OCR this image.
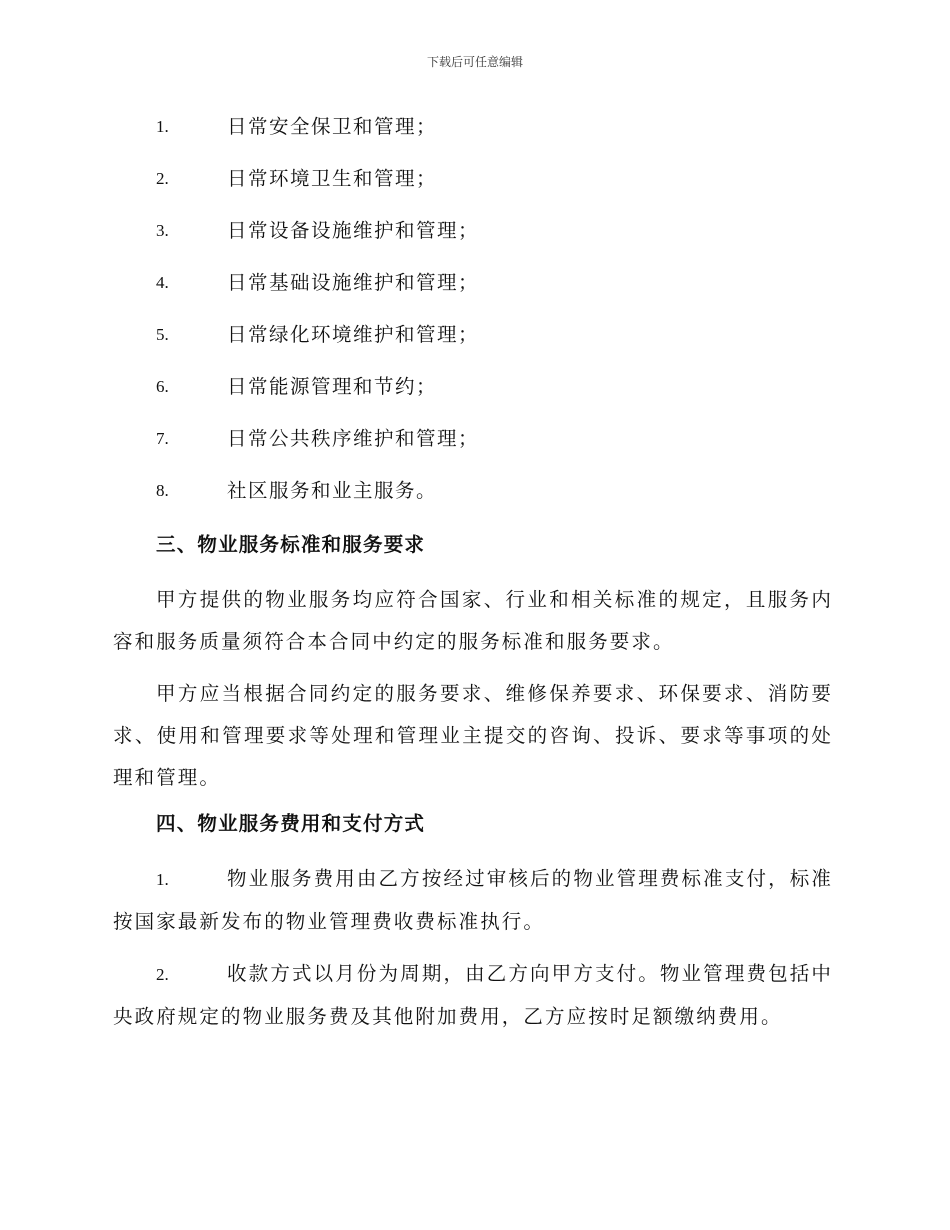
下载后可任意编辑
1.	日常安全保卫和管理；
2.	日常环境卫生和管理；
3.	日常设备设施维护和管理；
4.	日常基础设施维护和管理；
5.	日常绿化环境维护和管理；
6.	日常能源管理和节约；
7.	日常公共秩序维护和管理；
8.	社区服务和业主服务。
三、物业服务标准和服务要求
甲方提供的物业服务均应符合国家、行业和相关标准的规定，且服务内容和服务质量须符合本合同中约定的服务标准和服务要求。
甲方应当根据合同约定的服务要求、维修保养要求、环保要求、消防要求、使用和管理要求等处理和管理业主提交的咨询、投诉、要求等事项的处理和管理。
四、物业服务费用和支付方式
1.	物业服务费用由乙方按经过审核后的物业管理费标准支付，标准按国家最新发布的物业管理费收费标准执行。
2.	收款方式以月份为周期，由乙方向甲方支付。物业管理费包括中央政府规定的物业服务费及其他附加费用，乙方应按时足额缴纳费用。
